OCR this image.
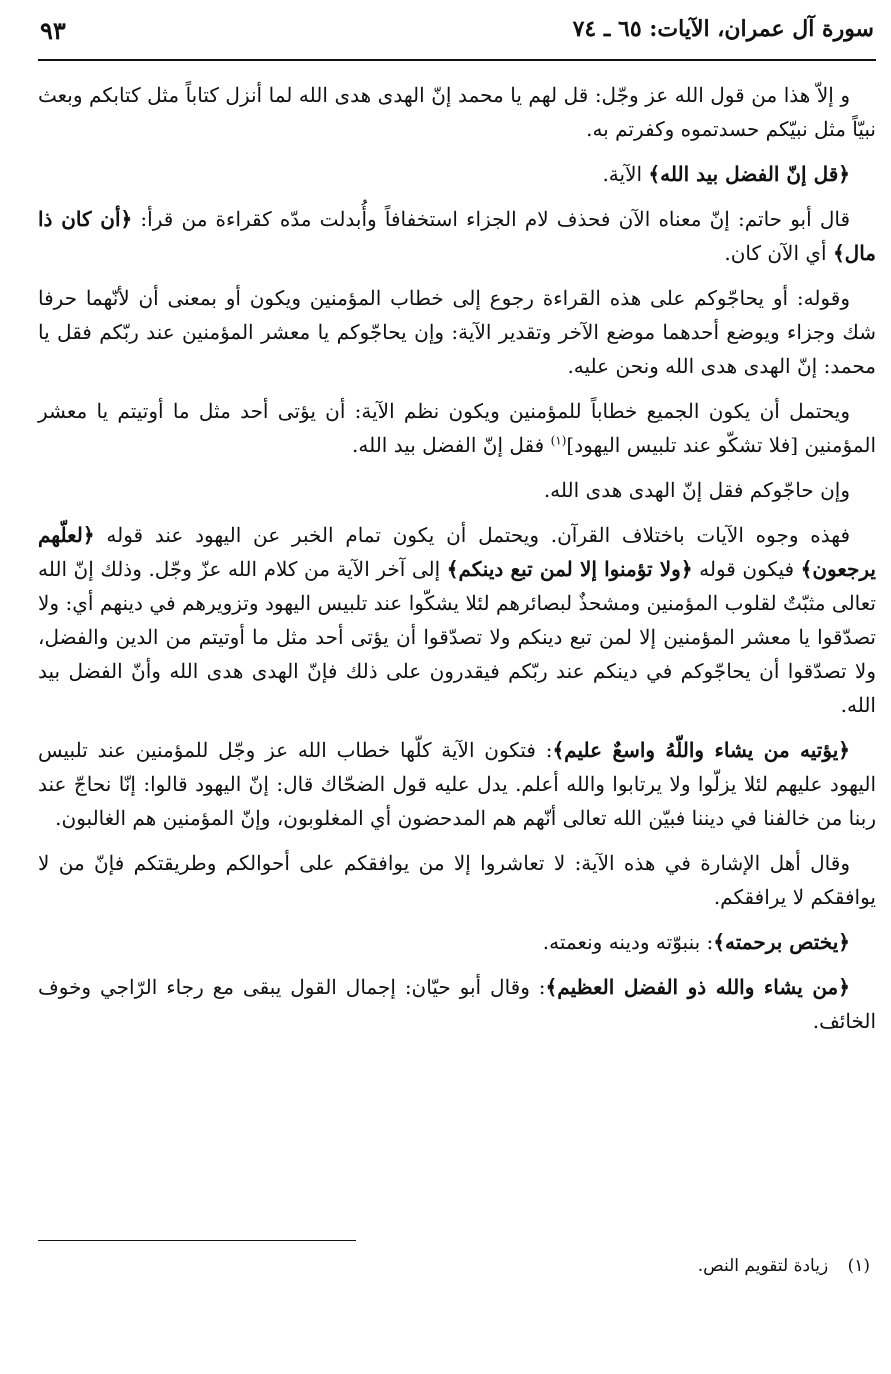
سورة آل عمران، الآيات: ٦٥ ـ ٧٤
٩٣

و إلاّ هذا من قول الله عز وجّل: قل لهم يا محمد إنّ الهدى هدى الله لما أنزل كتاباً مثل كتابكم وبعث نبيّاً مثل نبيّكم حسدتموه وكفرتم به.

﴿قل إنّ الفضل بيد الله﴾ الآية.

قال أبو حاتم: إنّ معناه الآن فحذف لام الجزاء استخفافاً وأُبدلت مدّه كقراءة من قرأ: ﴿أن كان ذا مال﴾ أي الآن كان.

وقوله: أو يحاجّوكم على هذه القراءة رجوع إلى خطاب المؤمنين ويكون أو بمعنى أن لأنّهما حرفا شك وجزاء ويوضع أحدهما موضع الآخر وتقدير الآية: وإن يحاجّوكم يا معشر المؤمنين عند ربّكم فقل يا محمد: إنّ الهدى هدى الله ونحن عليه.

ويحتمل أن يكون الجميع خطاباً للمؤمنين ويكون نظم الآية: أن يؤتى أحد مثل ما أوتيتم يا معشر المؤمنين [فلا تشكّو عند تلبيس اليهود]$^{(١)}$ فقل إنّ الفضل بيد الله.

وإن حاجّوكم فقل إنّ الهدى هدى الله.

فهذه وجوه الآيات باختلاف القرآن. ويحتمل أن يكون تمام الخبر عن اليهود عند قوله ﴿لعلّهم يرجعون﴾ فيكون قوله ﴿ولا تؤمنوا إلا لمن تبع دينكم﴾ إلى آخر الآية من كلام الله عزّ وجّل. وذلك إنّ الله تعالى مثبّتٌ لقلوب المؤمنين ومشحذٌ لبصائرهم لئلا يشكّوا عند تلبيس اليهود وتزويرهم في دينهم أي: ولا تصدّقوا يا معشر المؤمنين إلا لمن تبع دينكم ولا تصدّقوا أن يؤتى أحد مثل ما أوتيتم من الدين والفضل، ولا تصدّقوا أن يحاجّوكم في دينكم عند ربّكم فيقدرون على ذلك فإنّ الهدى هدى الله وأنّ الفضل بيد الله.

﴿يؤتيه من يشاء واللّهُ واسعٌ عليم﴾: فتكون الآية كلّها خطاب الله عز وجّل للمؤمنين عند تلبيس اليهود عليهم لئلا يزلّوا ولا يرتابوا والله أعلم. يدل عليه قول الضحّاك قال: إنّ اليهود قالوا: إنّا نحاجّ عند ربنا من خالفنا في ديننا فبيّن الله تعالى أنّهم هم المدحضون أي المغلوبون، وإنّ المؤمنين هم الغالبون.

وقال أهل الإشارة في هذه الآية: لا تعاشروا إلا من يوافقكم على أحوالكم وطريقتكم فإنّ من لا يوافقكم لا يرافقكم.

﴿يختص برحمته﴾: بنبوّته ودينه ونعمته.

﴿من يشاء والله ذو الفضل العظيم﴾: وقال أبو حيّان: إجمال القول يبقى مع رجاء الرّاجي وخوف الخائف.

(١) زيادة لتقويم النص.
